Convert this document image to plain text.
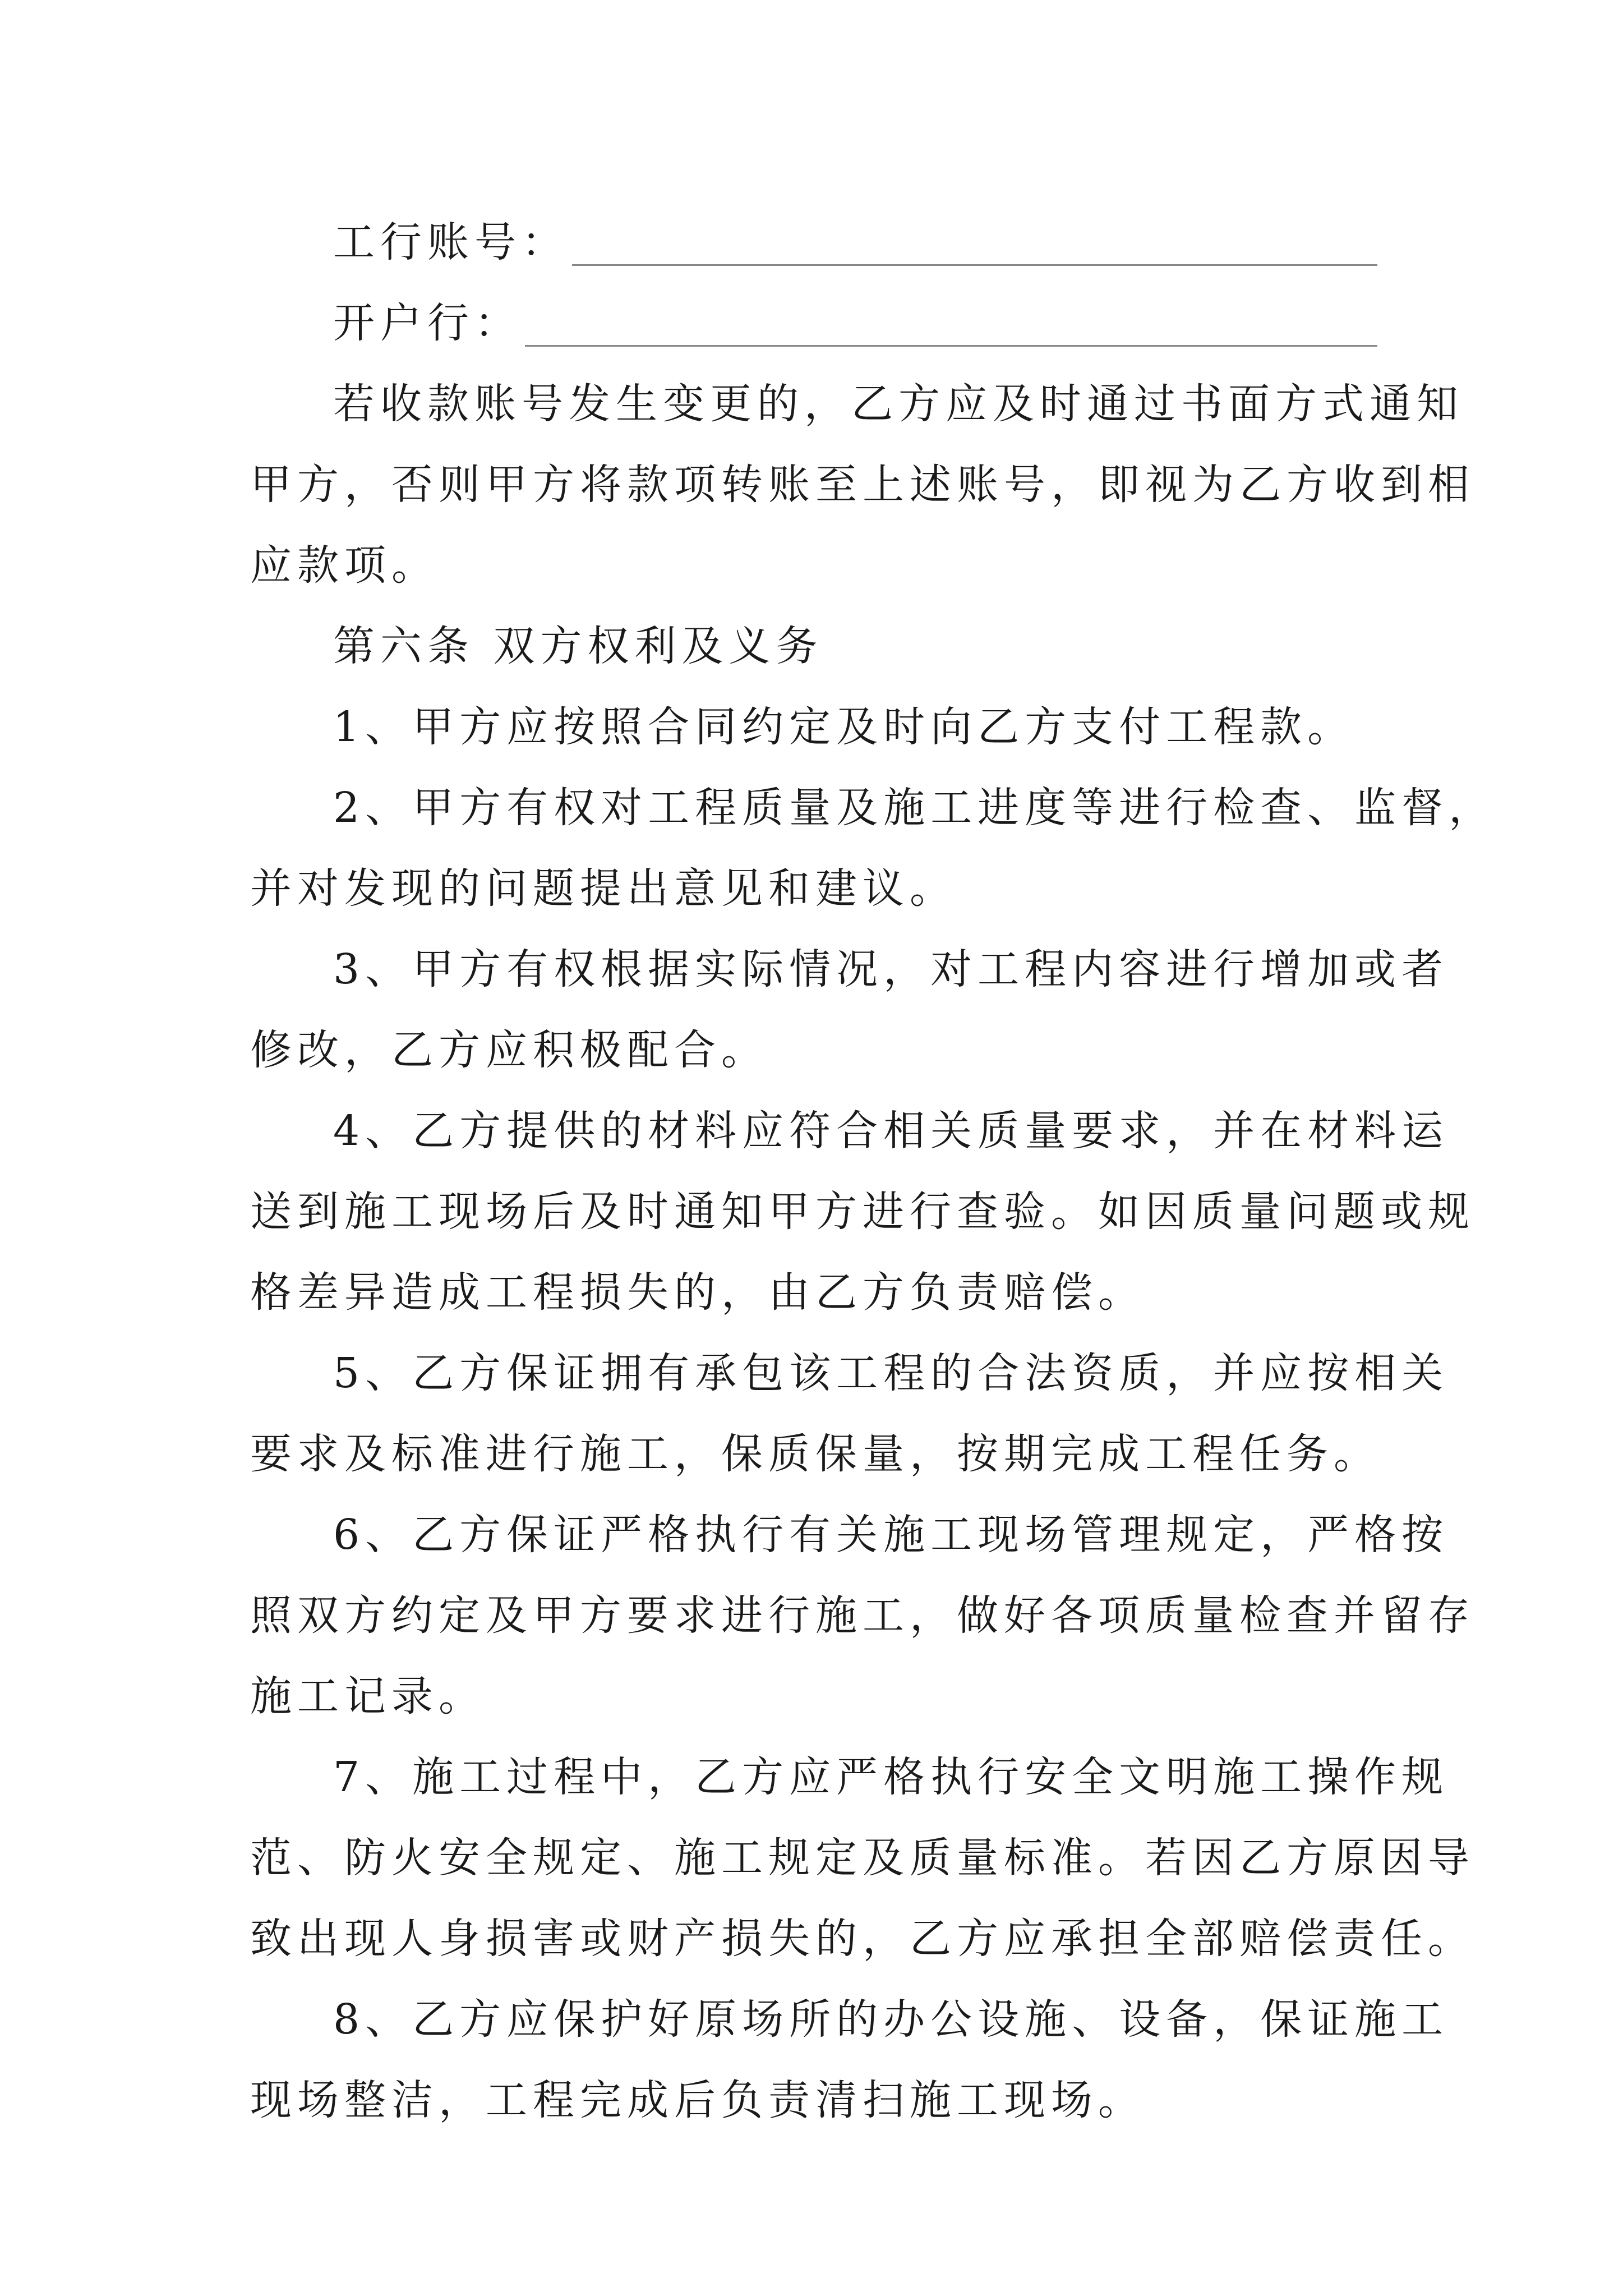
工行账号：
开户行：
若收款账号发生变更的，乙方应及时通过书面方式通知
甲方，否则甲方将款项转账至上述账号，即视为乙方收到相
应款项。
第六条 双方权利及义务
1、甲方应按照合同约定及时向乙方支付工程款。
2、甲方有权对工程质量及施工进度等进行检查、监督，
并对发现的问题提出意见和建议。
3、甲方有权根据实际情况，对工程内容进行增加或者
修改，乙方应积极配合。
4、乙方提供的材料应符合相关质量要求，并在材料运
送到施工现场后及时通知甲方进行查验。如因质量问题或规
格差异造成工程损失的，由乙方负责赔偿。
5、乙方保证拥有承包该工程的合法资质，并应按相关
要求及标准进行施工，保质保量，按期完成工程任务。
6、乙方保证严格执行有关施工现场管理规定，严格按
照双方约定及甲方要求进行施工，做好各项质量检查并留存
施工记录。
7、施工过程中，乙方应严格执行安全文明施工操作规
范、防火安全规定、施工规定及质量标准。若因乙方原因导
致出现人身损害或财产损失的，乙方应承担全部赔偿责任。
8、乙方应保护好原场所的办公设施、设备，保证施工
现场整洁，工程完成后负责清扫施工现场。
